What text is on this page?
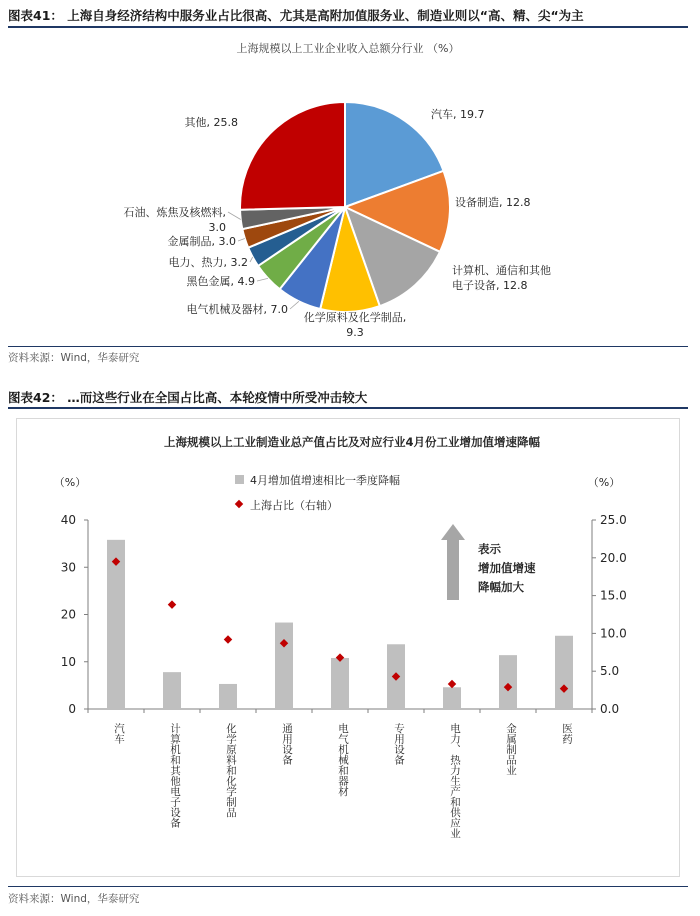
图表41： 上海自身经济结构中服务业占比很高、尤其是高附加值服务业、制造业则以“高、精、尖“为主
上海规模以上工业企业收入总额分行业 （%）
汽车, 19.7
设备制造, 12.8
计算机、通信和其他电子设备, 12.8
化学原料及化学制品, 9.3
电气机械及器材, 7.0
黑色金属, 4.9
电力、热力, 3.2
金属制品, 3.0
石油、炼焦及核燃料, 3.0
其他, 25.8
资料来源：Wind，华泰研究
图表42： …而这些行业在全国占比高、本轮疫情中所受冲击较大
上海规模以上工业制造业总产值占比及对应行业4月份工业增加值增速降幅
4月增加值增速相比一季度降幅
上海占比（右轴）
（%）	（%）
0
10
20
30
40
0.0
5.0
10.0
15.0
20.0
25.0
汽车	计算机和其他电子设备	化学原料和化学制品	通用设备	电气机械和器材	专用设备	电力、热力生产和供应业	金属制品业	医药
表示
增加值增速
降幅加大
资料来源：Wind，华泰研究
